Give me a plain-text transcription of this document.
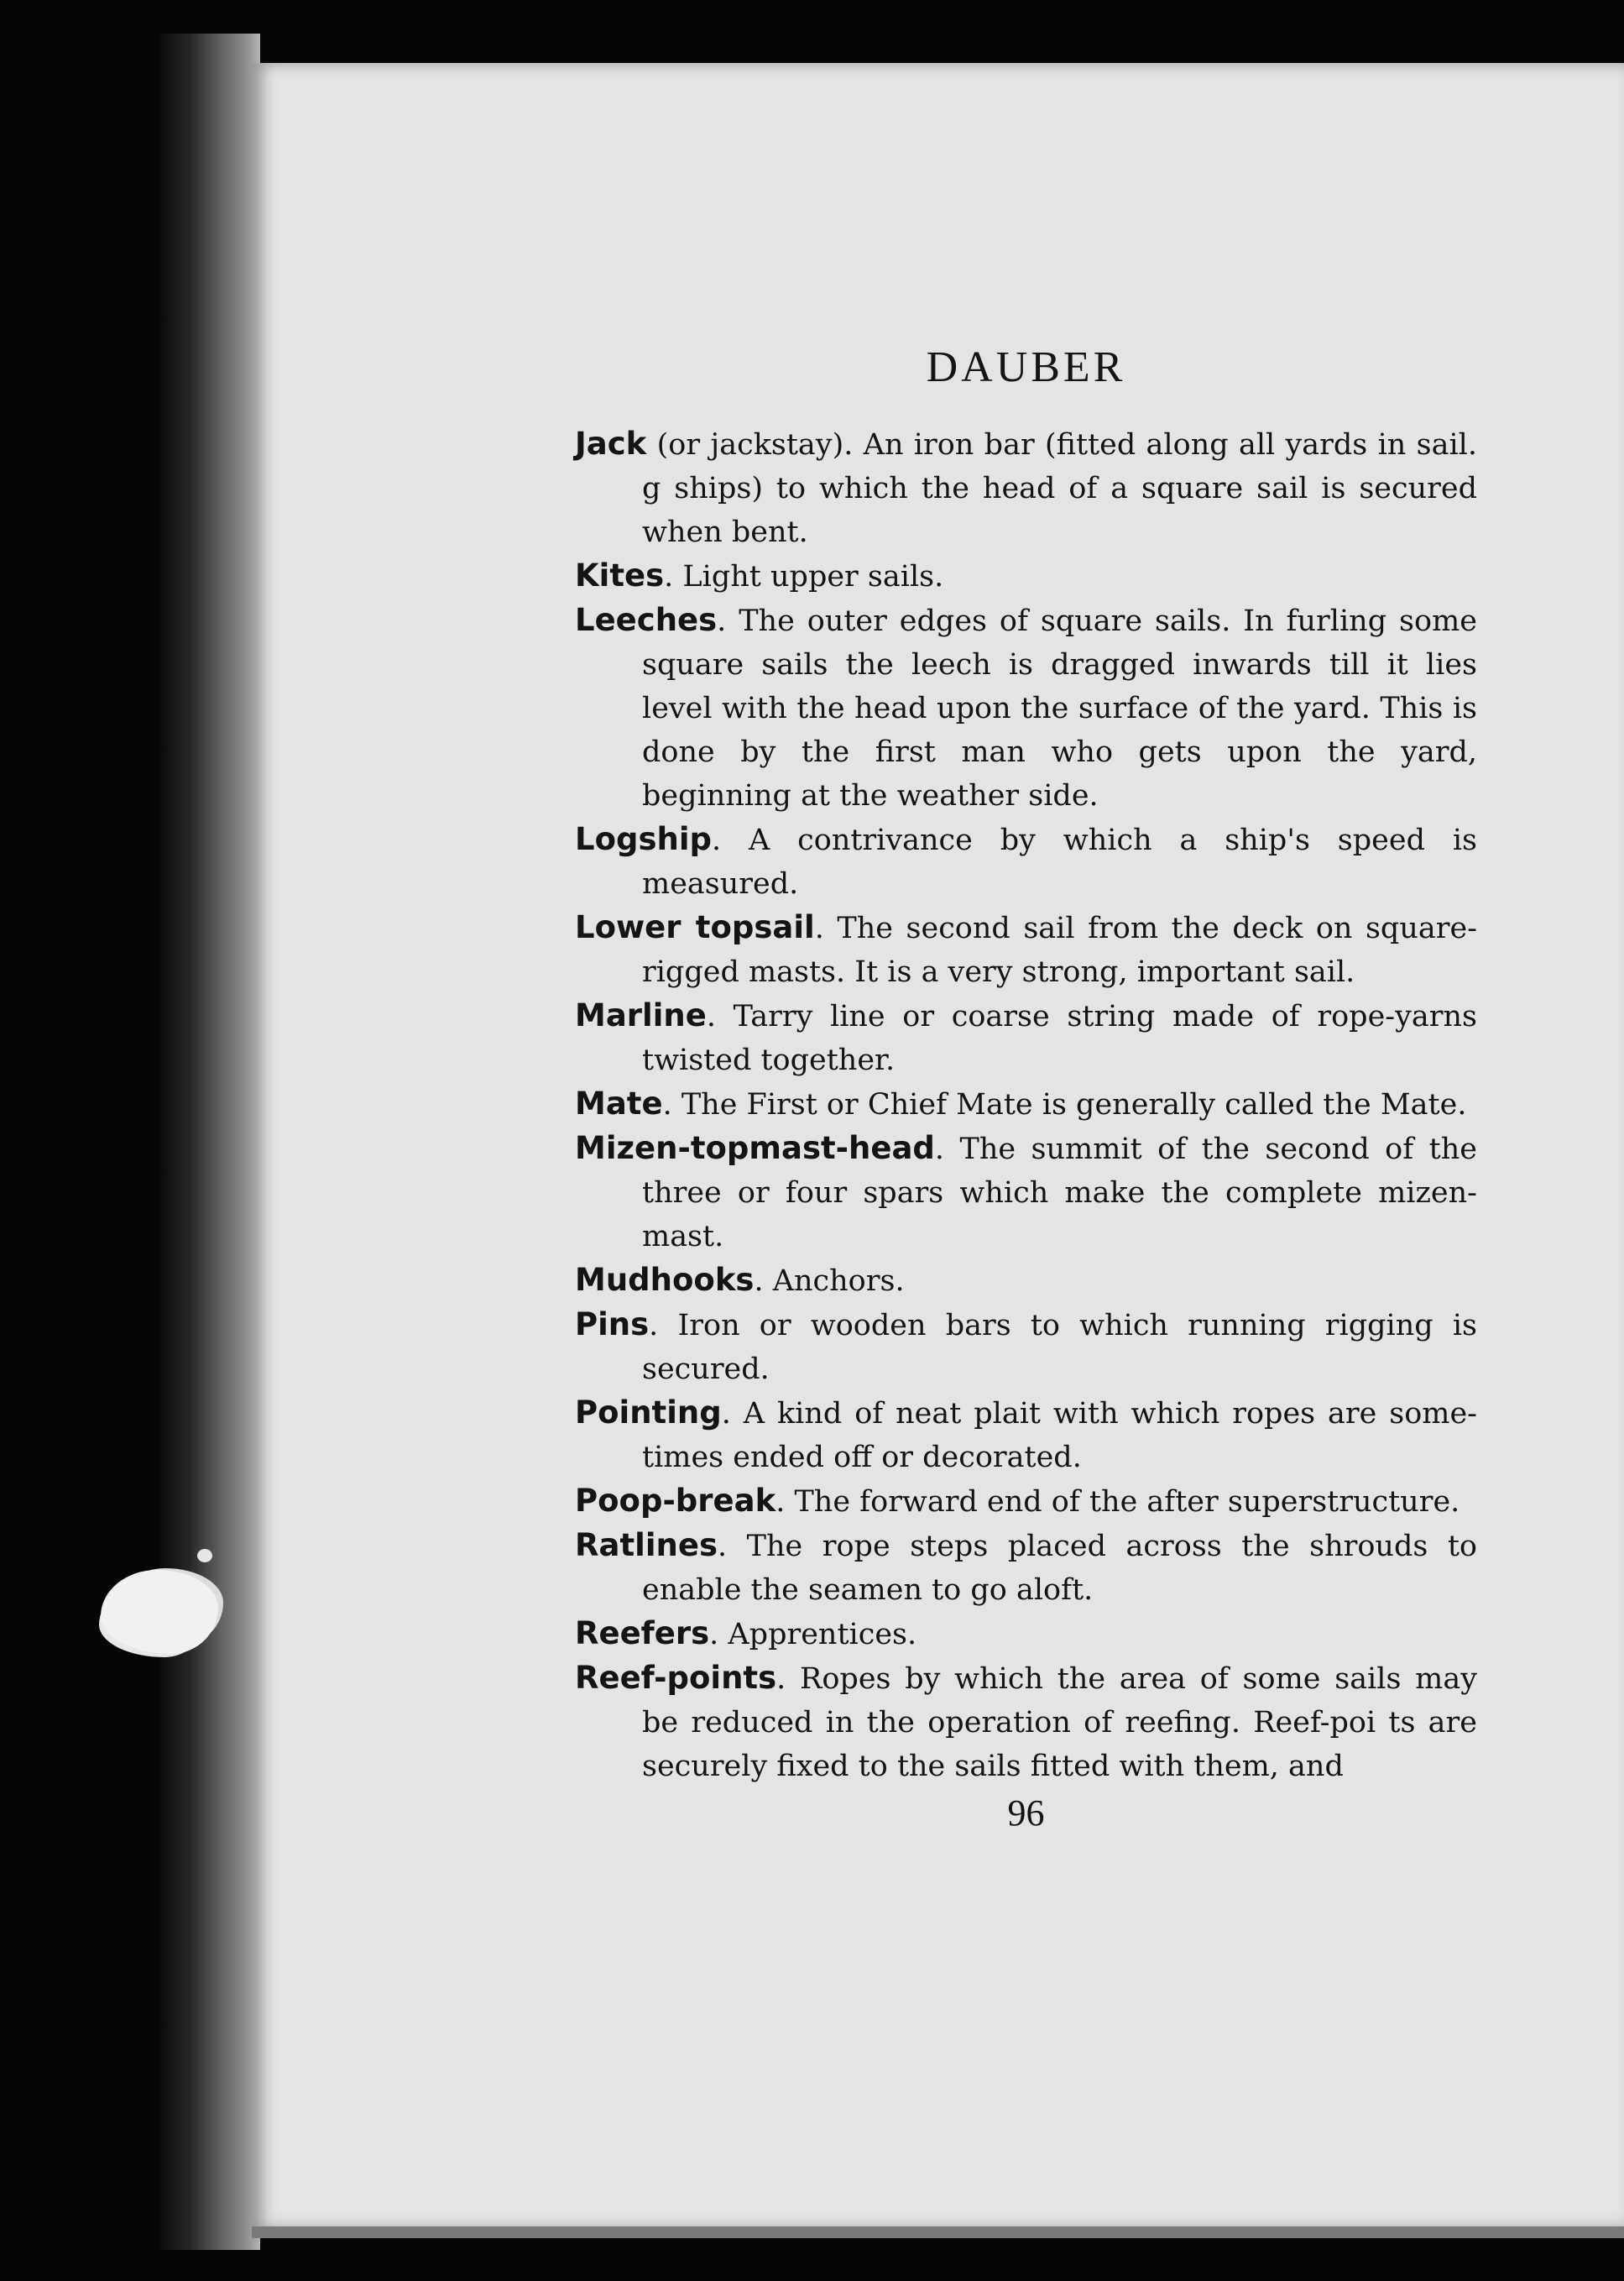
DAUBER

Jack (or jackstay). An iron bar (fitted along all yards in sail. g ships) to which the head of a square sail is secured when bent.

Kites. Light upper sails.

Leeches. The outer edges of square sails. In furling some square sails the leech is dragged inwards till it lies level with the head upon the surface of the yard. This is done by the first man who gets upon the yard, beginning at the weather side.

Logship. A contrivance by which a ship's speed is measured.

Lower topsail. The second sail from the deck on square-rigged masts. It is a very strong, important sail.

Marline. Tarry line or coarse string made of rope-yarns twisted together.

Mate. The First or Chief Mate is generally called the Mate.

Mizen-topmast-head. The summit of the second of the three or four spars which make the complete mizen-mast.

Mudhooks. Anchors.

Pins. Iron or wooden bars to which running rigging is secured.

Pointing. A kind of neat plait with which ropes are some-times ended off or decorated.

Poop-break. The forward end of the after superstructure.

Ratlines. The rope steps placed across the shrouds to enable the seamen to go aloft.

Reefers. Apprentices.

Reef-points. Ropes by which the area of some sails may be reduced in the operation of reefing. Reef-poi ts are securely fixed to the sails fitted with them, and

96
